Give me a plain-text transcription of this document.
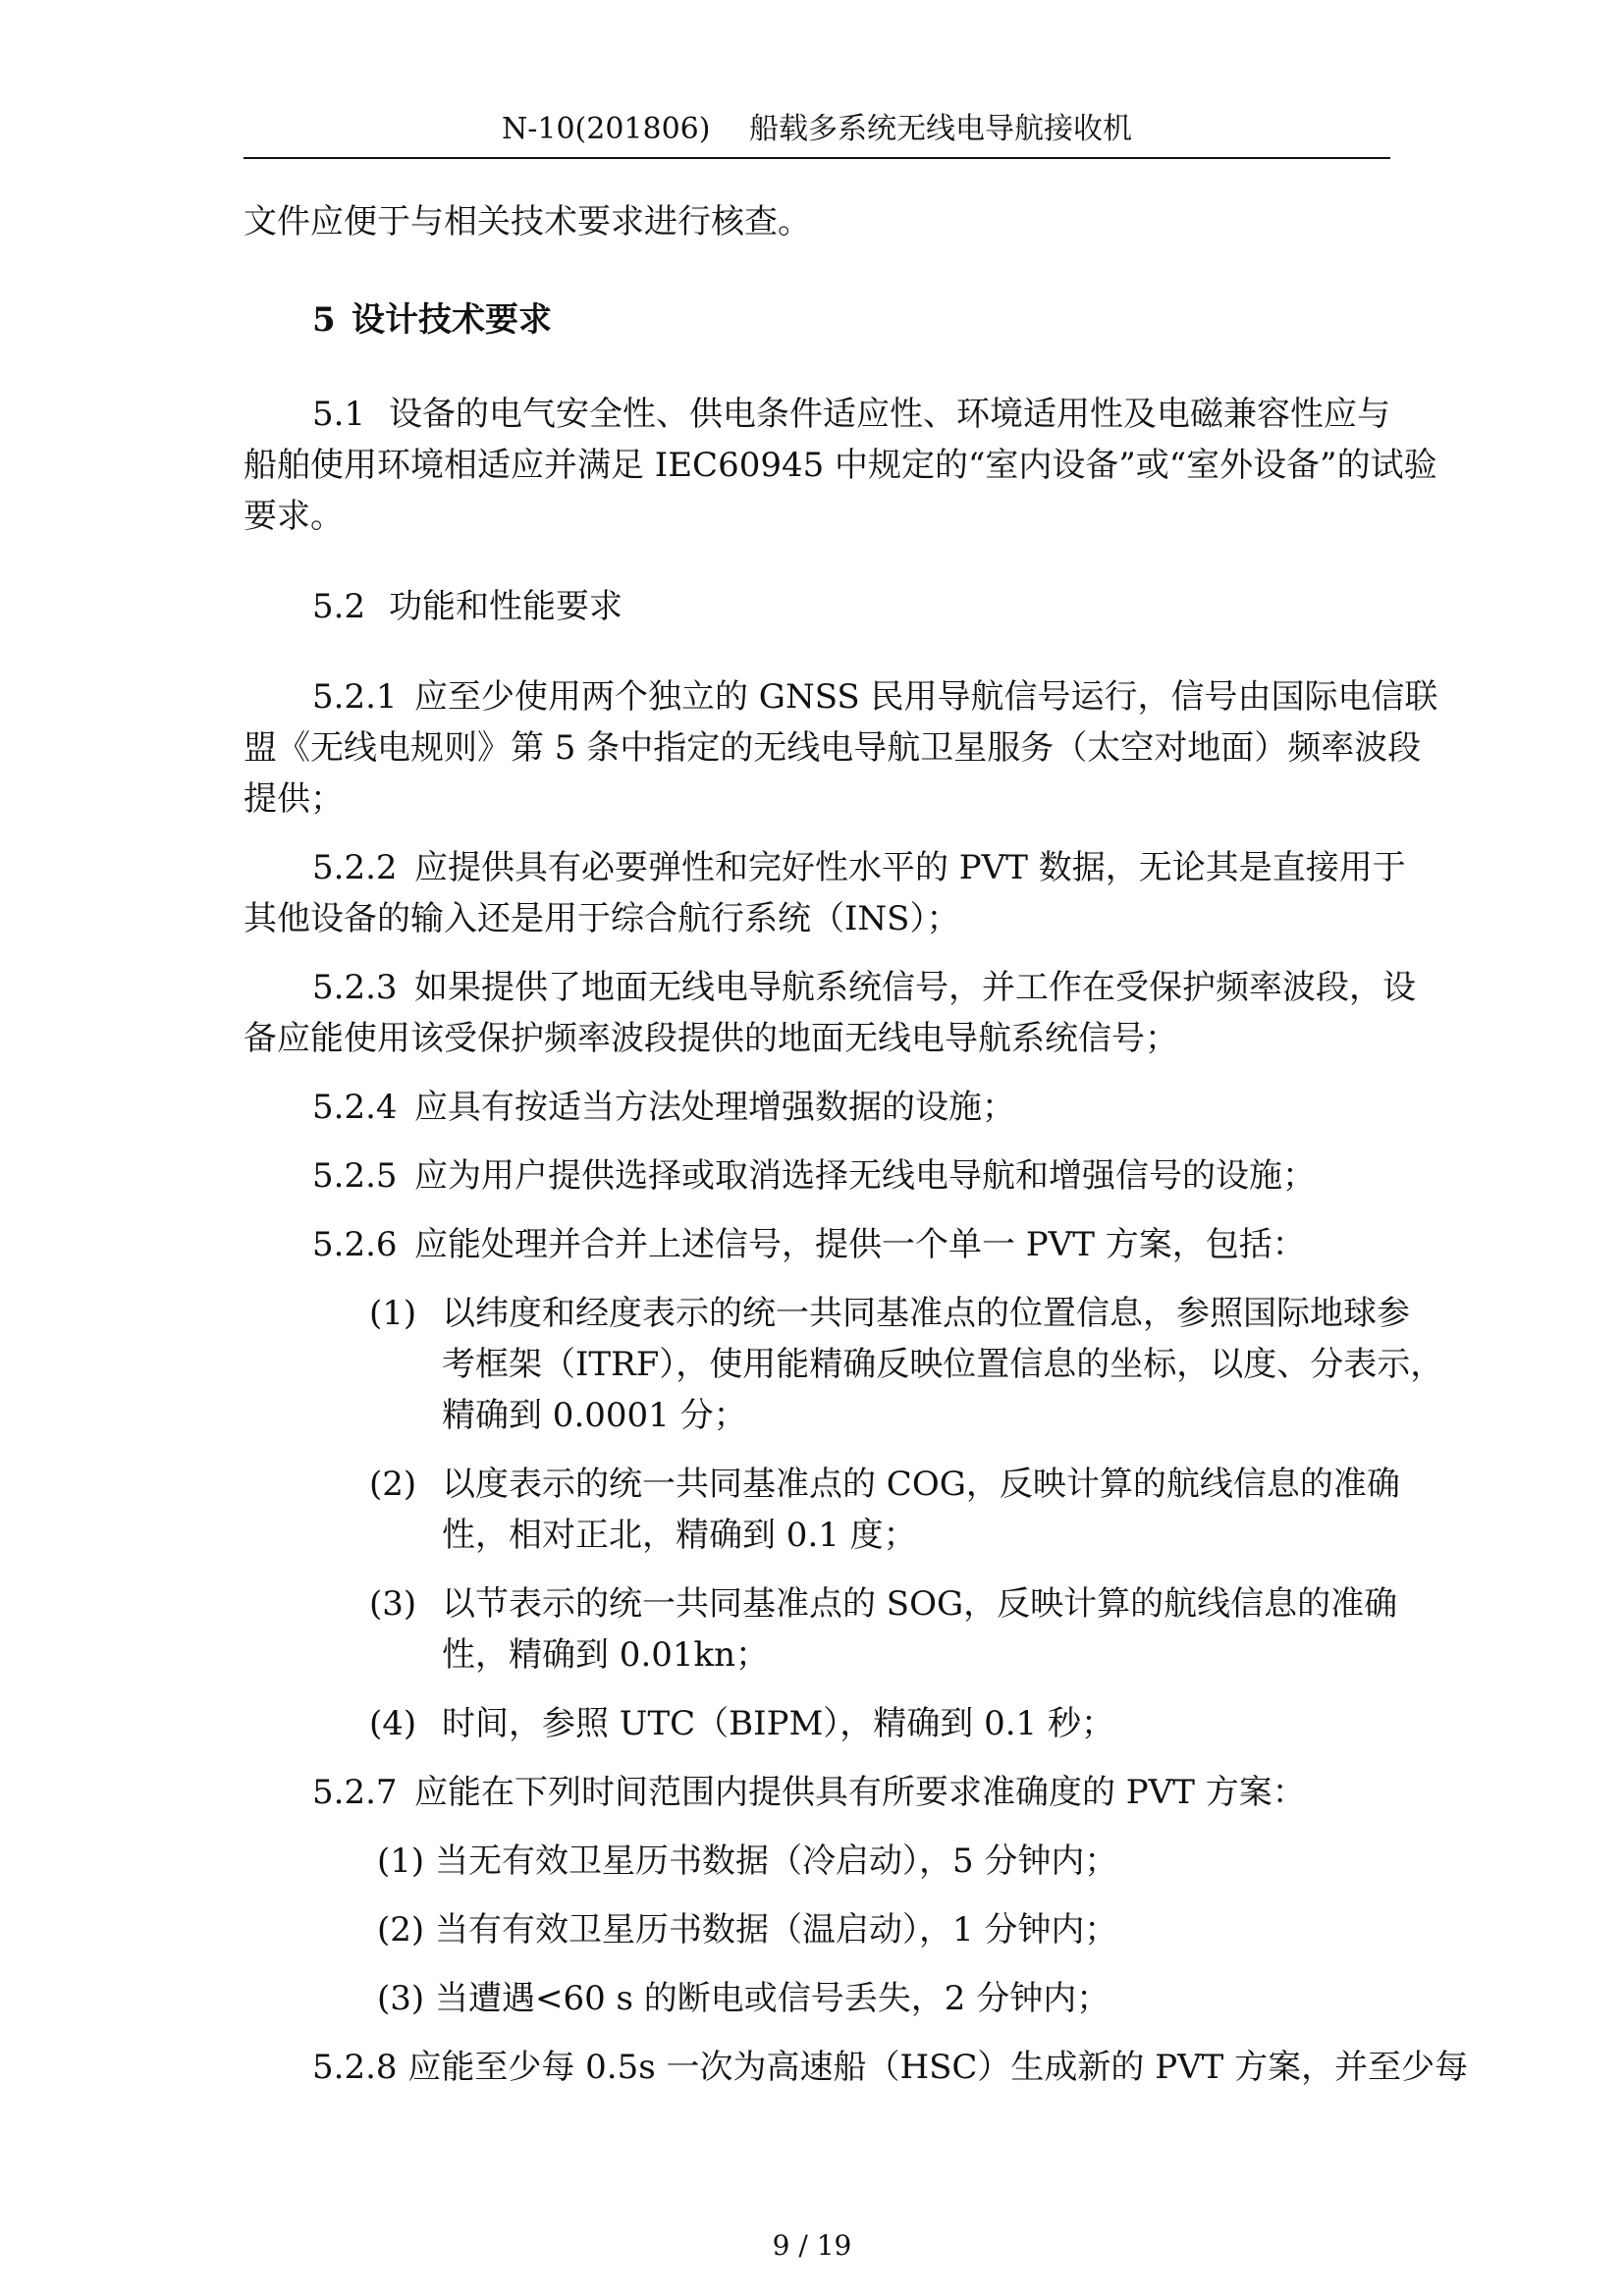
N-10(201806)　 船载多系统无线电导航接收机
文件应便于与相关技术要求进行核查。
5 设计技术要求
5.1 设备的电气安全性、供电条件适应性、环境适用性及电磁兼容性应与
船舶使用环境相适应并满足 IEC60945 中规定的“室内设备”或“室外设备”的试验
要求。
5.2 功能和性能要求
5.2.1 应至少使用两个独立的 GNSS 民用导航信号运行，信号由国际电信联
盟《无线电规则》第 5 条中指定的无线电导航卫星服务（太空对地面）频率波段
提供；
5.2.2 应提供具有必要弹性和完好性水平的 PVT 数据，无论其是直接用于
其他设备的输入还是用于综合航行系统（INS）；
5.2.3 如果提供了地面无线电导航系统信号，并工作在受保护频率波段，设
备应能使用该受保护频率波段提供的地面无线电导航系统信号；
5.2.4 应具有按适当方法处理增强数据的设施；
5.2.5 应为用户提供选择或取消选择无线电导航和增强信号的设施；
5.2.6 应能处理并合并上述信号，提供一个单一 PVT 方案，包括：
(1) 以纬度和经度表示的统一共同基准点的位置信息，参照国际地球参
考框架（ITRF），使用能精确反映位置信息的坐标，以度、分表示，
精确到 0.0001 分；
(2) 以度表示的统一共同基准点的 COG，反映计算的航线信息的准确
性，相对正北，精确到 0.1 度；
(3) 以节表示的统一共同基准点的 SOG，反映计算的航线信息的准确
性，精确到 0.01kn；
(4) 时间，参照 UTC（BIPM），精确到 0.1 秒；
5.2.7 应能在下列时间范围内提供具有所要求准确度的 PVT 方案：
(1) 当无有效卫星历书数据（冷启动），5 分钟内；
(2) 当有有效卫星历书数据（温启动），1 分钟内；
(3) 当遭遇<60 s 的断电或信号丢失，2 分钟内；
5.2.8 应能至少每 0.5s 一次为高速船（HSC）生成新的 PVT 方案，并至少每
9 / 19
